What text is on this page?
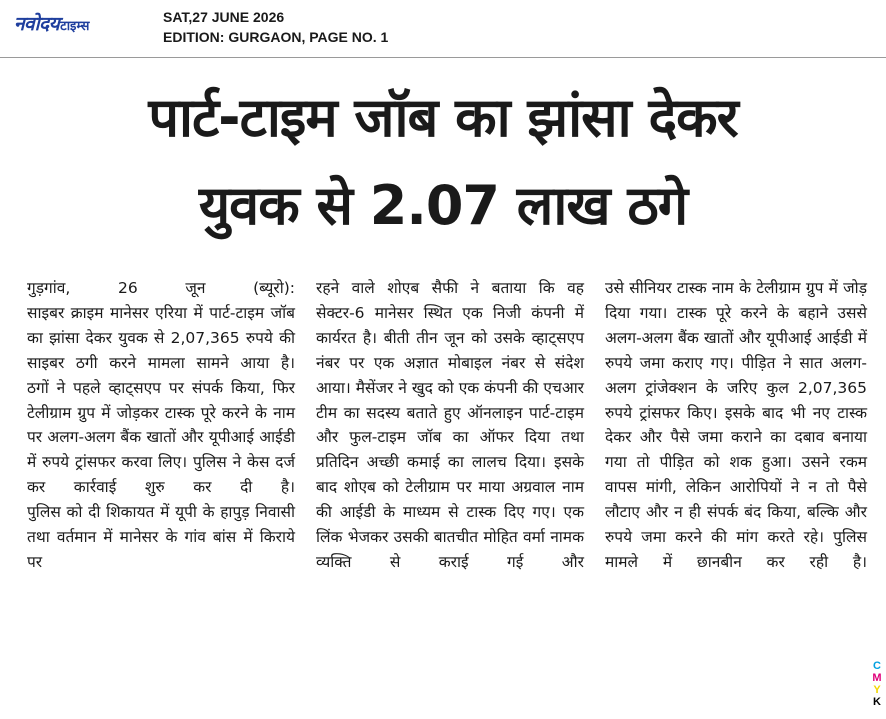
नवोदयटाइम्स
SAT,27 JUNE 2026
EDITION: GURGAON, PAGE NO. 1
पार्ट-टाइम जॉब का झांसा देकर
युवक से 2.07 लाख ठगे

गुड़गांव, 26 जून (ब्यूरो):

साइबर क्राइम मानेसर एरिया में पार्ट-टाइम जॉब का झांसा देकर युवक से 2,07,365 रुपये की साइबर ठगी करने मामला सामने आया है।

ठगों ने पहले व्हाट्सएप पर संपर्क किया, फिर टेलीग्राम ग्रुप में जोड़कर टास्क पूरे करने के नाम पर अलग-अलग बैंक खातों और यूपीआई आईडी में रुपये ट्रांसफर करवा लिए। पुलिस ने केस दर्ज कर कार्रवाई शुरु कर दी है।

पुलिस को दी शिकायत में यूपी के हापुड़ निवासी तथा वर्तमान में मानेसर के गांव बांस में किराये पर

रहने वाले शोएब सैफी ने बताया कि वह सेक्टर-6 मानेसर स्थित एक निजी कंपनी में कार्यरत है। बीती तीन जून को उसके व्हाट्सएप नंबर पर एक अज्ञात मोबाइल नंबर से संदेश आया। मैसेंजर ने खुद को एक कंपनी की एचआर टीम का सदस्य बताते हुए ऑनलाइन पार्ट-टाइम और फुल-टाइम जॉब का ऑफर दिया तथा प्रतिदिन अच्छी कमाई का लालच दिया। इसके बाद शोएब को टेलीग्राम पर माया अग्रवाल नाम की आईडी के माध्यम से टास्क दिए गए। एक लिंक भेजकर उसकी बातचीत मोहित वर्मा नामक व्यक्ति से कराई गई और

उसे सीनियर टास्क नाम के टेलीग्राम ग्रुप में जोड़ दिया गया। टास्क पूरे करने के बहाने उससे अलग-अलग बैंक खातों और यूपीआई आईडी में रुपये जमा कराए गए। पीड़ित ने सात अलग-अलग ट्रांजेक्शन के जरिए कुल 2,07,365 रुपये ट्रांसफर किए। इसके बाद भी नए टास्क देकर और पैसे जमा कराने का दबाव बनाया गया तो पीड़ित को शक हुआ। उसने रकम वापस मांगी, लेकिन आरोपियों ने न तो पैसे लौटाए और न ही संपर्क बंद किया, बल्कि और रुपये जमा करने की मांग करते रहे। पुलिस मामले में छानबीन कर रही है।

C
M
Y
K
